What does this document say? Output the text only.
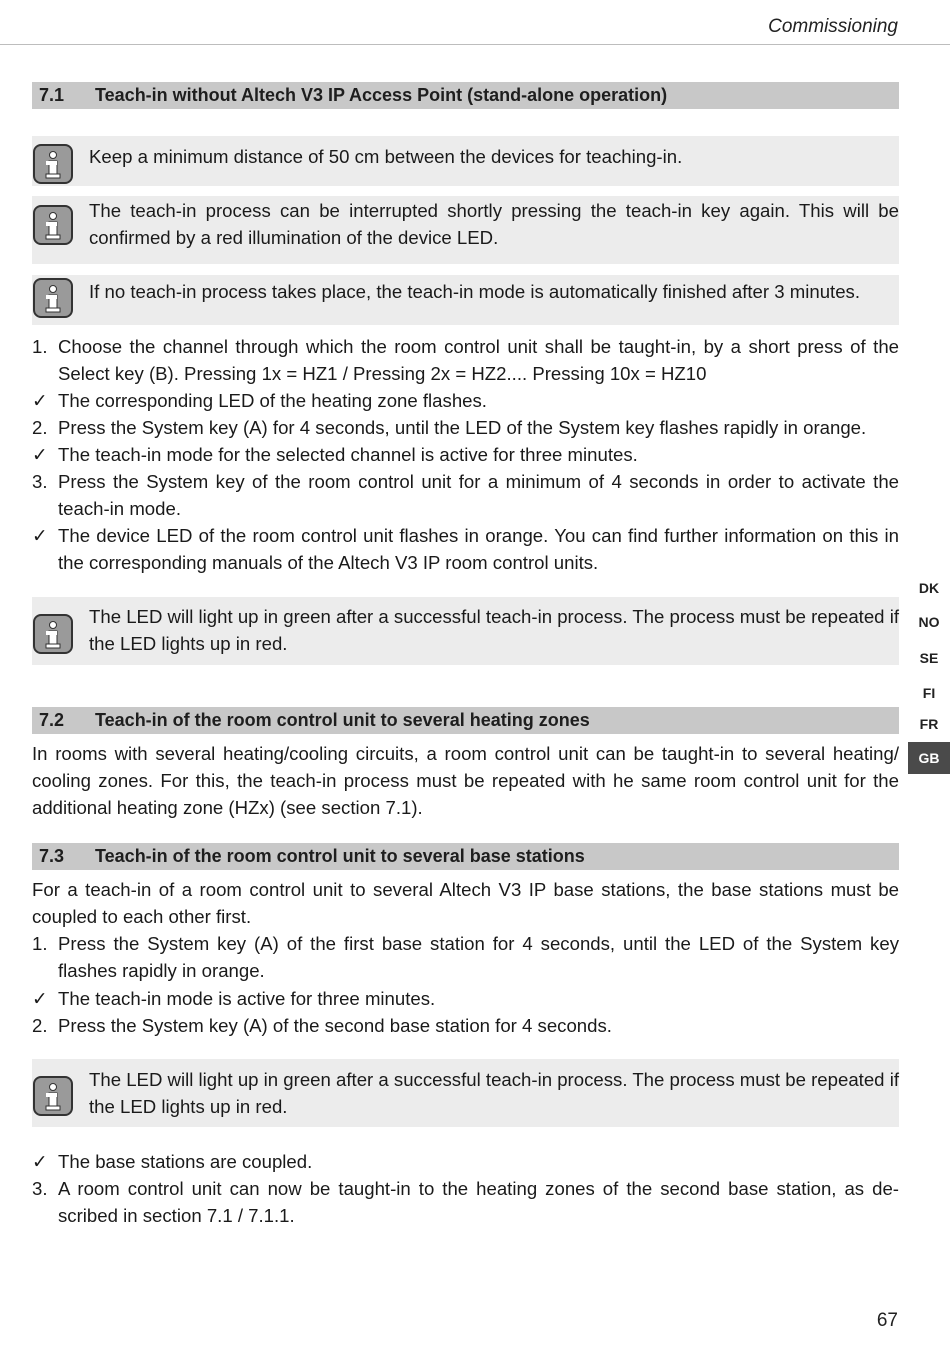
Commissioning
7.1 Teach-in without Altech V3 IP Access Point (stand-alone operation)
Keep a minimum distance of 50 cm between the devices for teaching-in.
The teach-in process can be interrupted shortly pressing the teach-in key again. This will be confirmed by a red illumination of the device LED.
If no teach-in process takes place, the teach-in mode is automatically finished after 3 minutes.
1. Choose the channel through which the room control unit shall be taught-in, by a short press of the Select key (B). Pressing 1x = HZ1 / Pressing 2x = HZ2.... Pressing 10x = HZ10
✓ The corresponding LED of the heating zone flashes.
2. Press the System key (A) for 4 seconds, until the LED of the System key flashes rapidly in orange.
✓ The teach-in mode for the selected channel is active for three minutes.
3. Press the System key of the room control unit for a minimum of 4 seconds in order to activate the teach-in mode.
✓ The device LED of the room control unit flashes in orange. You can find further information on this in the corresponding manuals of the Altech V3 IP room control units.
The LED will light up in green after a successful teach-in process. The process must be repeated if the LED lights up in red.
7.2 Teach-in of the room control unit to several heating zones
In rooms with several heating/cooling circuits, a room control unit can be taught-in to several heating/ cooling zones. For this, the teach-in process must be repeated with he same room control unit for the additional heating zone (HZx) (see section 7.1).
7.3 Teach-in of the room control unit to several base stations
For a teach-in of a room control unit to several Altech V3 IP base stations, the base stations must be coupled to each other first.
1. Press the System key (A) of the first base station for 4 seconds, until the LED of the System key flashes rapidly in orange.
✓ The teach-in mode is active for three minutes.
2. Press the System key (A) of the second base station for 4 seconds.
The LED will light up in green after a successful teach-in process. The process must be repeated if the LED lights up in red.
✓ The base stations are coupled.
3. A room control unit can now be taught-in to the heating zones of the second base station, as de-scribed in section 7.1 / 7.1.1.
DK
NO
SE
FI
FR
GB
67
